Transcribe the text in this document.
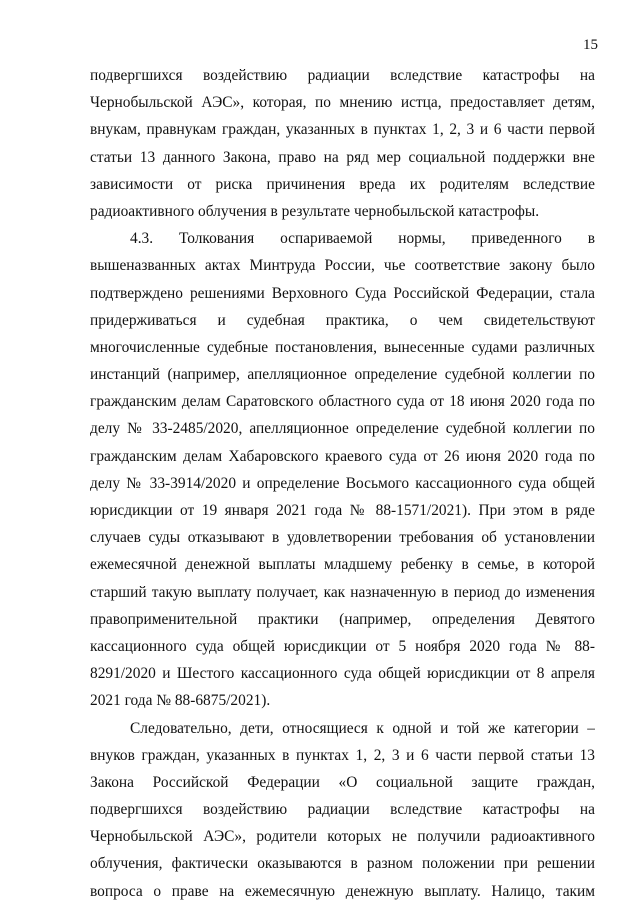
15
подвергшихся воздействию радиации вследствие катастрофы на
Чернобыльской АЭС», которая, по мнению истца, предоставляет детям,
внукам, правнукам граждан, указанных в пунктах 1, 2, 3 и 6 части первой
статьи 13 данного Закона, право на ряд мер социальной поддержки вне
зависимости от риска причинения вреда их родителям вследствие
радиоактивного облучения в результате чернобыльской катастрофы.
4.3. Толкования оспариваемой нормы, приведенного в
вышеназванных актах Минтруда России, чье соответствие закону было
подтверждено решениями Верховного Суда Российской Федерации, стала
придерживаться и судебная практика, о чем свидетельствуют
многочисленные судебные постановления, вынесенные судами различных
инстанций (например, апелляционное определение судебной коллегии по
гражданским делам Саратовского областного суда от 18 июня 2020 года по
делу № 33-2485/2020, апелляционное определение судебной коллегии по
гражданским делам Хабаровского краевого суда от 26 июня 2020 года по
делу № 33-3914/2020 и определение Восьмого кассационного суда общей
юрисдикции от 19 января 2021 года № 88-1571/2021). При этом в ряде
случаев суды отказывают в удовлетворении требования об установлении
ежемесячной денежной выплаты младшему ребенку в семье, в которой
старший такую выплату получает, как назначенную в период до изменения
правоприменительной практики (например, определения Девятого
кассационного суда общей юрисдикции от 5 ноября 2020 года № 88-
8291/2020 и Шестого кассационного суда общей юрисдикции от 8 апреля
2021 года № 88-6875/2021).
Следовательно, дети, относящиеся к одной и той же категории –
внуков граждан, указанных в пунктах 1, 2, 3 и 6 части первой статьи 13
Закона Российской Федерации «О социальной защите граждан,
подвергшихся воздействию радиации вследствие катастрофы на
Чернобыльской АЭС», родители которых не получили радиоактивного
облучения, фактически оказываются в разном положении при решении
вопроса о праве на ежемесячную денежную выплату. Налицо, таким
